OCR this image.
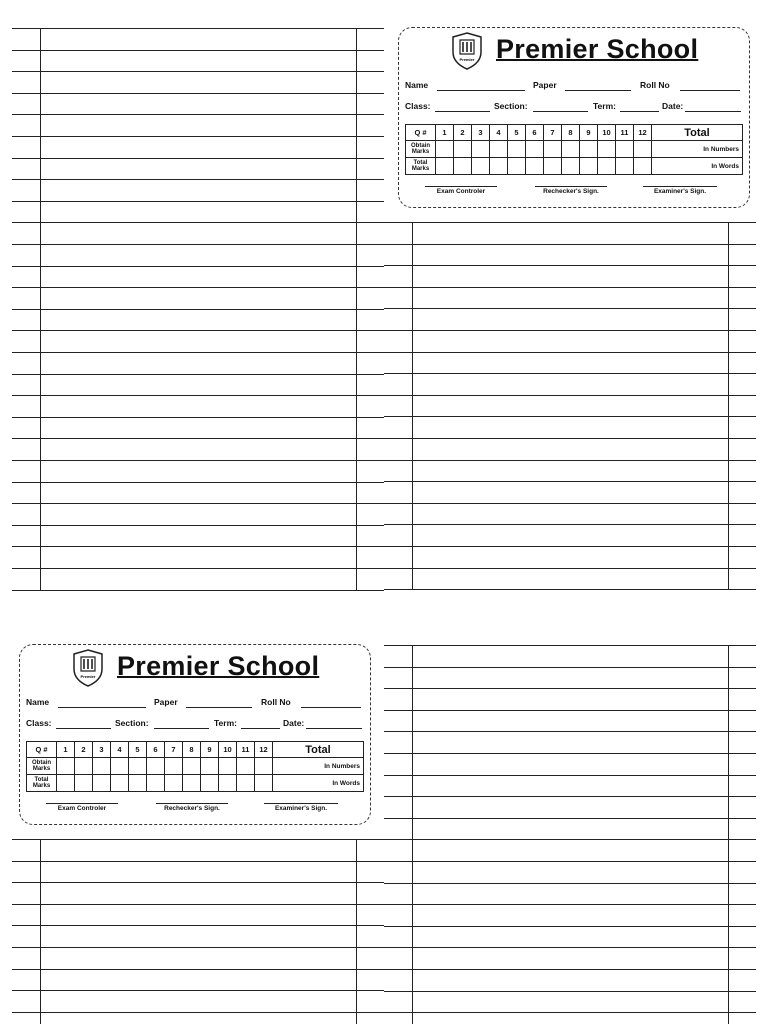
Premier Premier School
Name	Paper	Roll No
Class:	Section:	Term:	Date:
Q #	1	2	3	4	5	6	7	8	9	10	11	12	Total
Obtain
Marks													In Numbers
Total
Marks													In Words
Exam Controler	Rechecker's Sign.	Examiner's Sign.
Premier Premier School
Name	Paper	Roll No
Class:	Section:	Term:	Date:
Q #	1	2	3	4	5	6	7	8	9	10	11	12	Total
Obtain
Marks													In Numbers
Total
Marks													In Words
Exam Controler	Rechecker's Sign.	Examiner's Sign.
